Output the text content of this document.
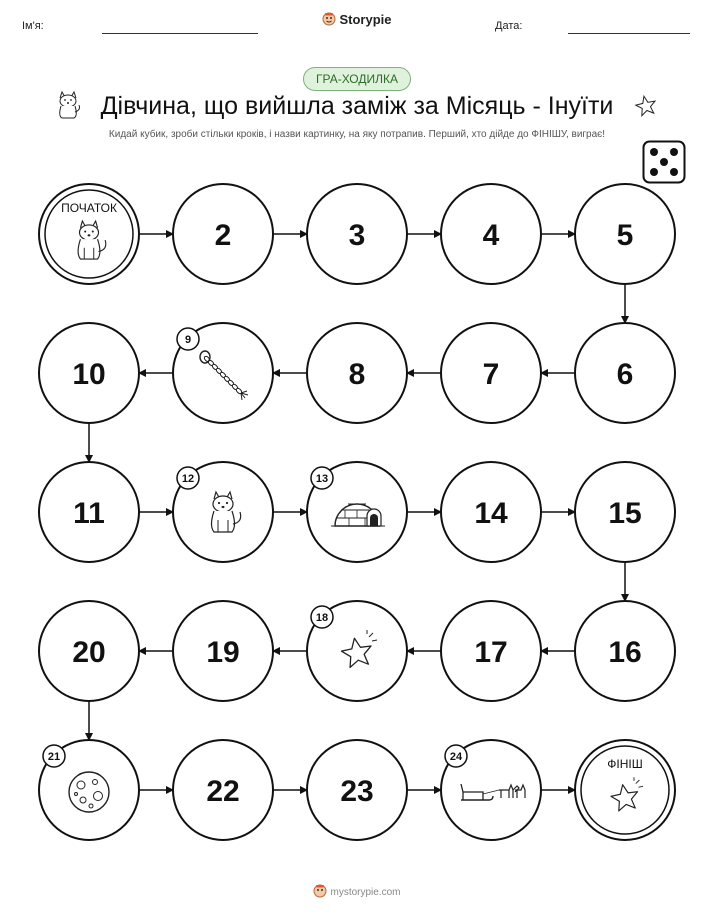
Ім'я:	Дата:
Storypie
ГРА-ХОДИЛКА
Дівчина, що вийшла заміж за Місяць - Інуїти
Кидай кубик, зроби стільки кроків, і назви картинку, на яку потрапив. Перший, хто дійде до ФІНІШУ, виграє!
ПОЧАТОК
2	3	4	5
6
7
8
9
10
11
12	13
14	15
16
17
18
19
20
21
22	23
24	ФІНІШ
mystorypie.com
